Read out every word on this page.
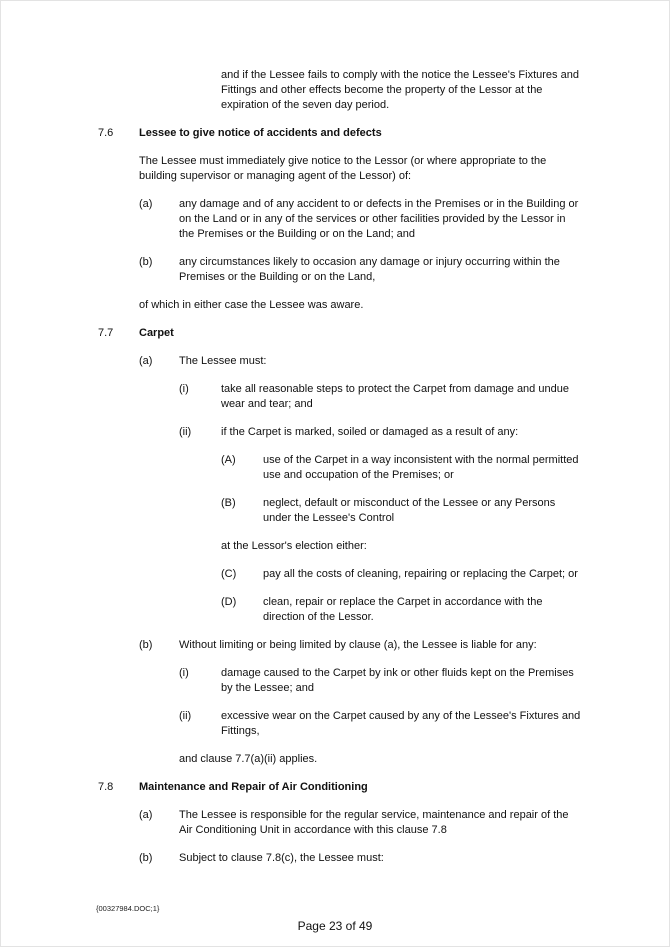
and if the Lessee fails to comply with the notice the Lessee's Fixtures and Fittings and other effects become the property of the Lessor at the expiration of the seven day period.
7.6	Lessee to give notice of accidents and defects
The Lessee must immediately give notice to the Lessor (or where appropriate to the building supervisor or managing agent of the Lessor) of:
(a)	any damage and of any accident to or defects in the Premises or in the Building or on the Land or in any of the services or other facilities provided by the Lessor in the Premises or the Building or on the Land; and
(b)	any circumstances likely to occasion any damage or injury occurring within the Premises or the Building or on the Land,
of which in either case the Lessee was aware.
7.7	Carpet
(a)	The Lessee must:
(i)	take all reasonable steps to protect the Carpet from damage and undue wear and tear; and
(ii)	if the Carpet is marked, soiled or damaged as a result of any:
(A)	use of the Carpet in a way inconsistent with the normal permitted use and occupation of the Premises; or
(B)	neglect, default or misconduct of the Lessee or any Persons under the Lessee's Control
at the Lessor's election either:
(C)	pay all the costs of cleaning, repairing or replacing the Carpet; or
(D)	clean, repair or replace the Carpet in accordance with the direction of the Lessor.
(b)	Without limiting or being limited by clause (a), the Lessee is liable for any:
(i)	damage caused to the Carpet by ink or other fluids kept on the Premises by the Lessee; and
(ii)	excessive wear on the Carpet caused by any of the Lessee's Fixtures and Fittings,
and clause 7.7(a)(ii) applies.
7.8	Maintenance and Repair of Air Conditioning
(a)	The Lessee is responsible for the regular service, maintenance and repair of the Air Conditioning Unit in accordance with this clause 7.8
(b)	Subject to clause 7.8(c), the Lessee must:
{00327984.DOC;1}
Page 23 of 49
